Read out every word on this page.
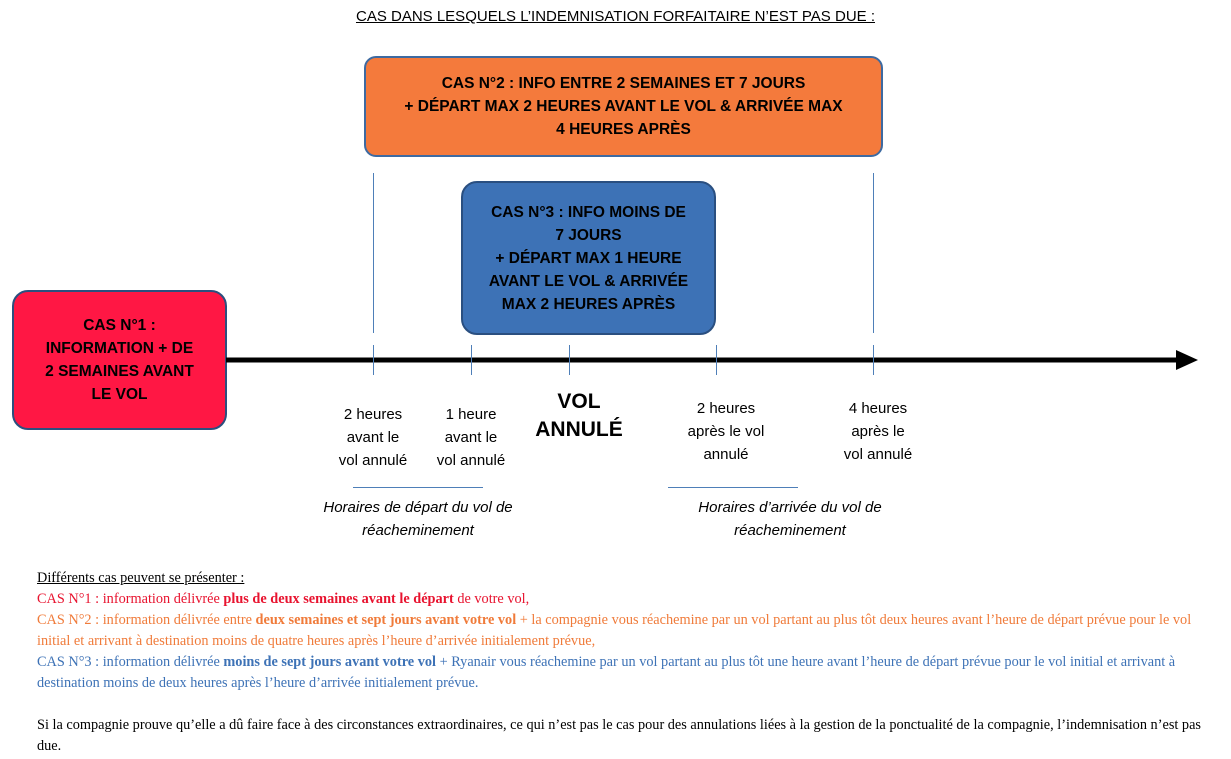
CAS DANS LESQUELS L’INDEMNISATION FORFAITAIRE N’EST PAS DUE :
CAS N°2 : INFO ENTRE 2 SEMAINES ET 7 JOURS
+ DÉPART MAX 2 HEURES AVANT LE VOL & ARRIVÉE MAX
4 HEURES APRÈS
CAS N°3 : INFO MOINS DE
7 JOURS
+ DÉPART MAX 1 HEURE
AVANT LE VOL & ARRIVÉE
MAX 2 HEURES APRÈS
CAS N°1 :
INFORMATION + DE
2 SEMAINES AVANT
LE VOL
2 heures
avant le
vol annulé
1 heure
avant le
vol annulé
VOL
ANNULÉ
2 heures
après le vol
annulé
4 heures
après le
vol annulé
Horaires de départ du vol de
réacheminement
Horaires d’arrivée du vol de
réacheminement

Différents cas peuvent se présenter :

CAS N°1 : information délivrée plus de deux semaines avant le départ de votre vol,

CAS N°2 : information délivrée entre deux semaines et sept jours avant votre vol + la compagnie vous réachemine par un vol partant au plus tôt deux heures avant l’heure de départ prévue pour le vol initial et arrivant à destination moins de quatre heures après l’heure d’arrivée initialement prévue,

CAS N°3 : information délivrée moins de sept jours avant votre vol + Ryanair vous réachemine par un vol partant au plus tôt une heure avant l’heure de départ prévue pour le vol initial et arrivant à destination moins de deux heures après l’heure d’arrivée initialement prévue.

Si la compagnie prouve qu’elle a dû faire face à des circonstances extraordinaires, ce qui n’est pas le cas pour des annulations liées à la gestion de la ponctualité de la compagnie, l’indemnisation n’est pas due.
